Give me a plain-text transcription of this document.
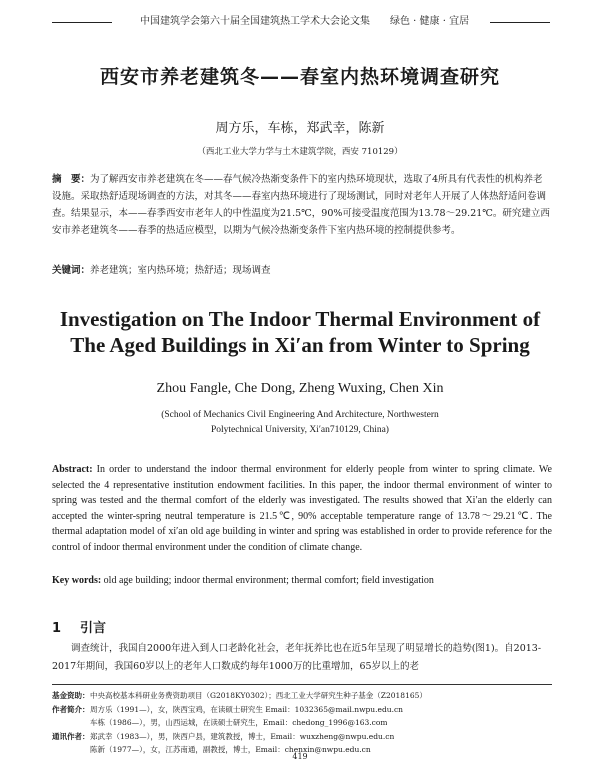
中国建筑学会第六十届全国建筑热工学术大会论文集 绿色 · 健康 · 宜居
西安市养老建筑冬——春室内热环境调查研究
周方乐，车栋，郑武幸，陈新
（西北工业大学力学与土木建筑学院，西安 710129）
摘　要：为了解西安市养老建筑在冬——春气候冷热渐变条件下的室内热环境现状，选取了4所具有代表性的机构养老设施。采取热舒适现场调查的方法，对其冬——春室内热环境进行了现场测试，同时对老年人开展了人体热舒适问卷调查。结果显示，本——春季西安市老年人的中性温度为21.5℃，90%可接受温度范围为13.78～29.21℃。研究建立西安市养老建筑冬——春季的热适应模型，以期为气候冷热渐变条件下室内热环境的控制提供参考。
关键词：养老建筑；室内热环境；热舒适；现场调查
Investigation on The Indoor Thermal Environment of
The Aged Buildings in Xi′an from Winter to Spring
Zhou Fangle, Che Dong, Zheng Wuxing, Chen Xin
(School of Mechanics Civil Engineering And Architecture, Northwestern
Polytechnical University, Xi′an710129, China)
Abstract: In order to understand the indoor thermal environment for elderly people from winter to spring climate. We selected the 4 representative institution endowment facilities. In this paper, the indoor thermal environment of winter to spring was tested and the thermal comfort of the elderly was investigated. The results showed that Xi′an the elderly can accepted the winter-spring neutral temperature is 21.5℃, 90% acceptable temperature range of 13.78～29.21℃. The thermal adaptation model of xi′an old age building in winter and spring was established in order to provide reference for the control of indoor thermal environment under the condition of climate change.
Key words: old age building; indoor thermal environment; thermal comfort; field investigation
1 引言
调查统计，我国自2000年进入到人口老龄化社会，老年抚养比也在近5年呈现了明显增长的趋势(图1)。自2013-2017年期间，我国60岁以上的老年人口数成约每年1000万的比重增加，65岁以上的老
基金资助： 中央高校基本科研业务费资助项目（G2018KY0302）；西北工业大学研究生种子基金（Z2018165）
作者简介： 周方乐（1991—），女，陕西宝鸡，在读硕士研究生 Email：1032365@mail.nwpu.edu.cn
车栋（1986—），男，山西运城，在读硕士研究生，Email：chedong_1996@163.com
通讯作者： 郑武幸（1983—），男，陕西户县，建筑教授，博士，Email：wuxzheng@nwpu.edu.cn
陈新（1977—），女，江苏南通，副教授，博士，Email：chenxin@nwpu.edu.cn
419
